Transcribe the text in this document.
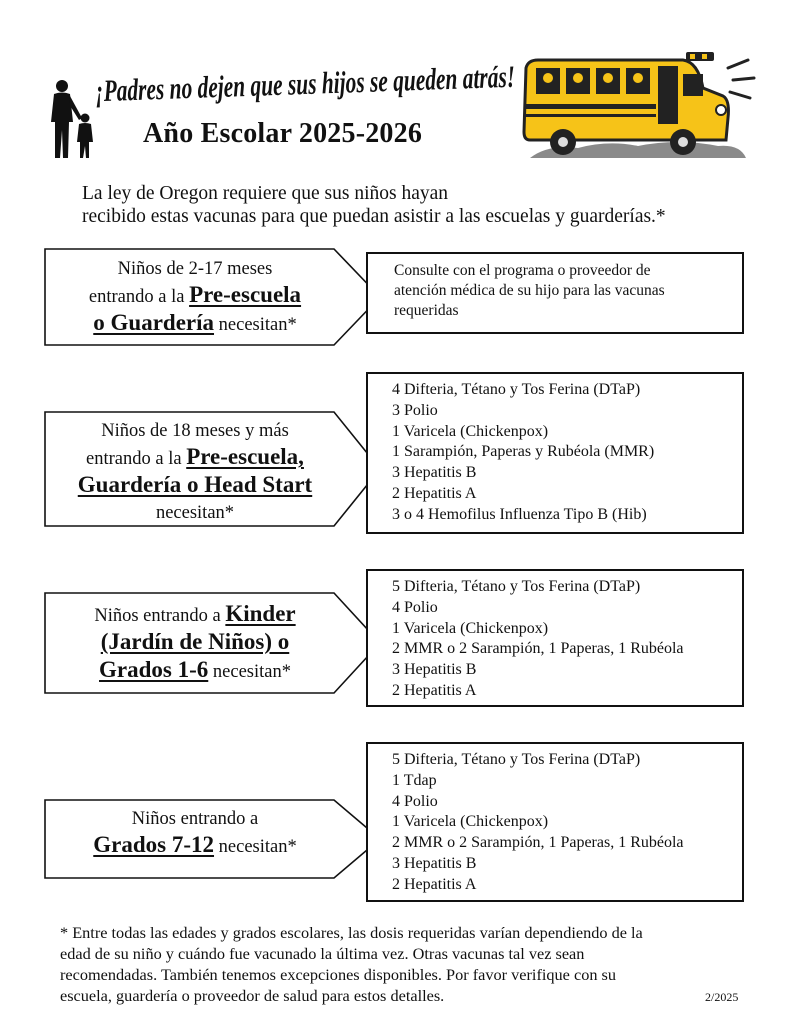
¡Padres no dejen que sus hijos se queden atrás!
Año Escolar 2025-2026
La ley de Oregon requiere que sus niños hayan
recibido estas vacunas para que puedan asistir a las escuelas y guarderías.*
Niños de 2-17 meses
entrando a la Pre-escuela
o Guardería necesitan*
Consulte con el programa o proveedor de
atención médica de su hijo para las vacunas
requeridas
Niños de 18 meses y más
entrando a la Pre-escuela,
Guardería o Head Start
necesitan*
4 Difteria, Tétano y Tos Ferina (DTaP)
3 Polio
1 Varicela (Chickenpox)
1 Sarampión, Paperas y Rubéola (MMR)
3 Hepatitis B
2 Hepatitis A
3 o 4 Hemofilus Influenza Tipo B (Hib)
Niños entrando a Kinder
(Jardín de Niños) o
Grados 1-6 necesitan*
5 Difteria, Tétano y Tos Ferina (DTaP)
4 Polio
1 Varicela (Chickenpox)
2 MMR o 2 Sarampión, 1 Paperas, 1 Rubéola
3 Hepatitis B
2 Hepatitis A
Niños entrando a
Grados 7-12 necesitan*
5 Difteria, Tétano y Tos Ferina (DTaP)
1 Tdap
4 Polio
1 Varicela (Chickenpox)
2 MMR o 2 Sarampión, 1 Paperas, 1 Rubéola
3 Hepatitis B
2 Hepatitis A
* Entre todas las edades y grados escolares, las dosis requeridas varían dependiendo de la
edad de su niño y cuándo fue vacunado la última vez. Otras vacunas tal vez sean
recomendadas. También tenemos excepciones disponibles. Por favor verifique con su
escuela, guardería o proveedor de salud para estos detalles.	2/2025
